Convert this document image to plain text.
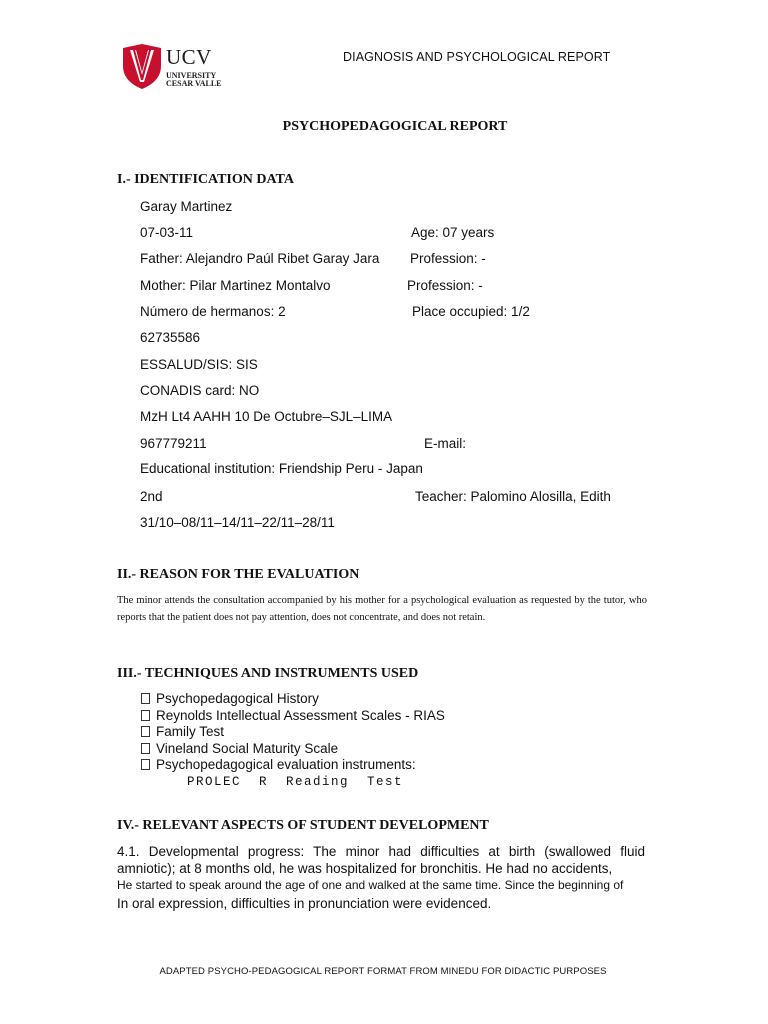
UCV
UNIVERSITY
CESAR VALLE
DIAGNOSIS AND PSYCHOLOGICAL REPORT
PSYCHOPEDAGOGICAL REPORT
I.- IDENTIFICATION DATA
Garay Martinez
07-03-11	Age: 07 years
Father: Alejandro Paúl Ribet Garay Jara Profession: -
Mother: Pilar Martinez Montalvo	Profession: -
Número de hermanos: 2	Place occupied: 1/2
62735586
ESSALUD/SIS: SIS
CONADIS card: NO
MzH Lt4 AAHH 10 De Octubre–SJL–LIMA
967779211	E-mail:
Educational institution: Friendship Peru - Japan
2nd	Teacher: Palomino Alosilla, Edith
31/10–08/11–14/11–22/11–28/11
II.- REASON FOR THE EVALUATION
The minor attends the consultation accompanied by his mother for a psychological evaluation as requested by the tutor, who reports that the patient does not pay attention, does not concentrate, and does not retain.
III.- TECHNIQUES AND INSTRUMENTS USED
Psychopedagogical History
Reynolds Intellectual Assessment Scales - RIAS
Family Test
Vineland Social Maturity Scale
Psychopedagogical evaluation instruments:
PROLEC  R  Reading  Test
IV.- RELEVANT ASPECTS OF STUDENT DEVELOPMENT
4.1. Developmental progress: The minor had difficulties at birth (swallowed fluid amniotic); at 8 months old, he was hospitalized for bronchitis. He had no accidents,
He started to speak around the age of one and walked at the same time. Since the beginning of
In oral expression, difficulties in pronunciation were evidenced.
ADAPTED PSYCHO-PEDAGOGICAL REPORT FORMAT FROM MINEDU FOR DIDACTIC PURPOSES
